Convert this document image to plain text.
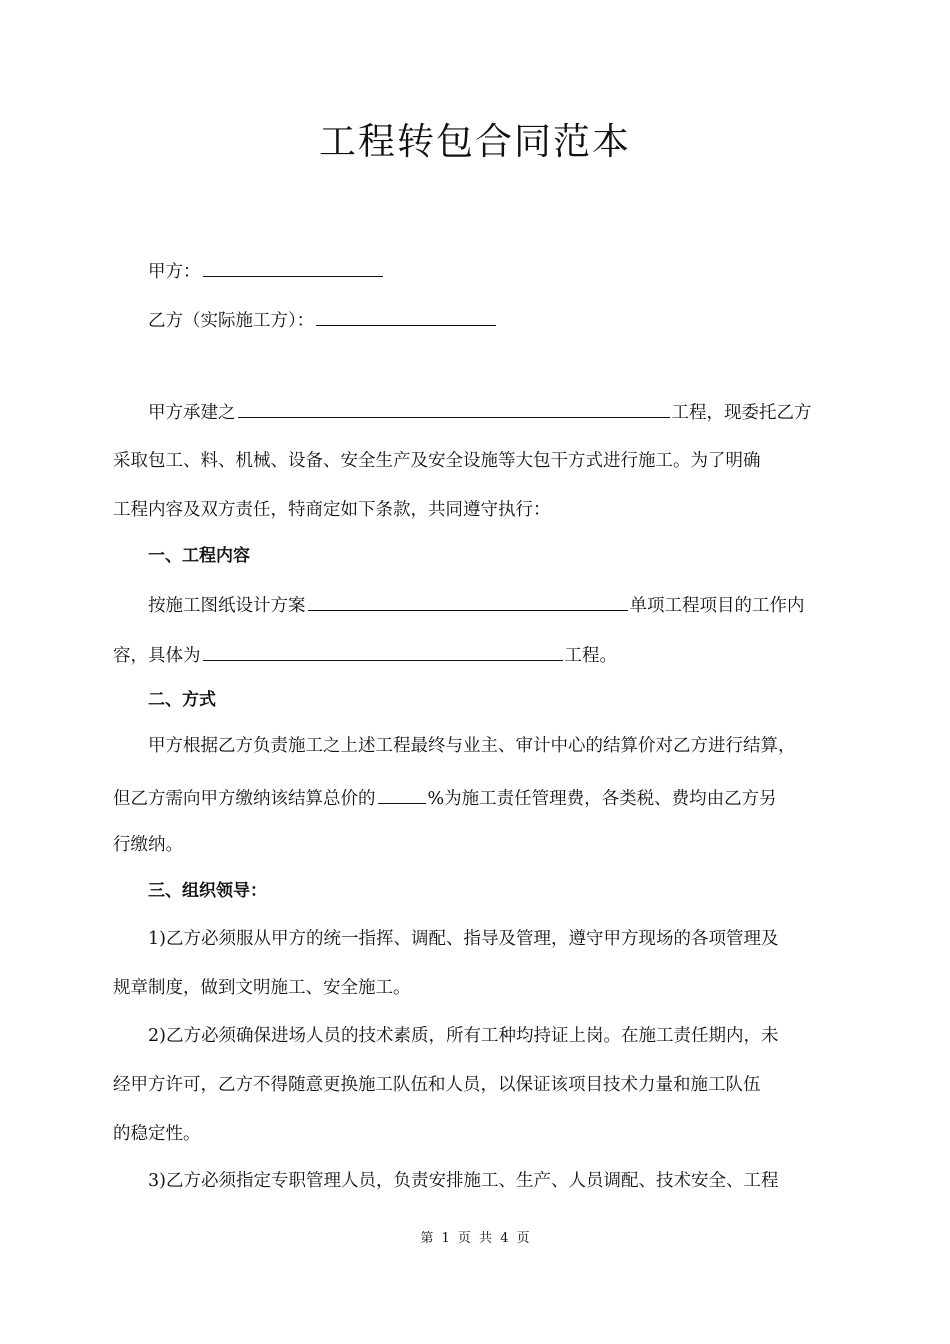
工程转包合同范本
甲方：
乙方（实际施工方）：
甲方承建之	工程，现委托乙方
采取包工、料、机械、设备、安全生产及安全设施等大包干方式进行施工。为了明确
工程内容及双方责任，特商定如下条款，共同遵守执行：
一、工程内容
按施工图纸设计方案	单项工程项目的工作内
容，具体为	工程。
二、方式
甲方根据乙方负责施工之上述工程最终与业主、审计中心的结算价对乙方进行结算，
但乙方需向甲方缴纳该结算总价的	%为施工责任管理费，各类税、费均由乙方另
行缴纳。
三、组织领导：
1)乙方必须服从甲方的统一指挥、调配、指导及管理，遵守甲方现场的各项管理及
规章制度，做到文明施工、安全施工。
2)乙方必须确保进场人员的技术素质，所有工种均持证上岗。在施工责任期内，未
经甲方许可，乙方不得随意更换施工队伍和人员，以保证该项目技术力量和施工队伍
的稳定性。
3)乙方必须指定专职管理人员，负责安排施工、生产、人员调配、技术安全、工程
第 1 页 共 4 页
